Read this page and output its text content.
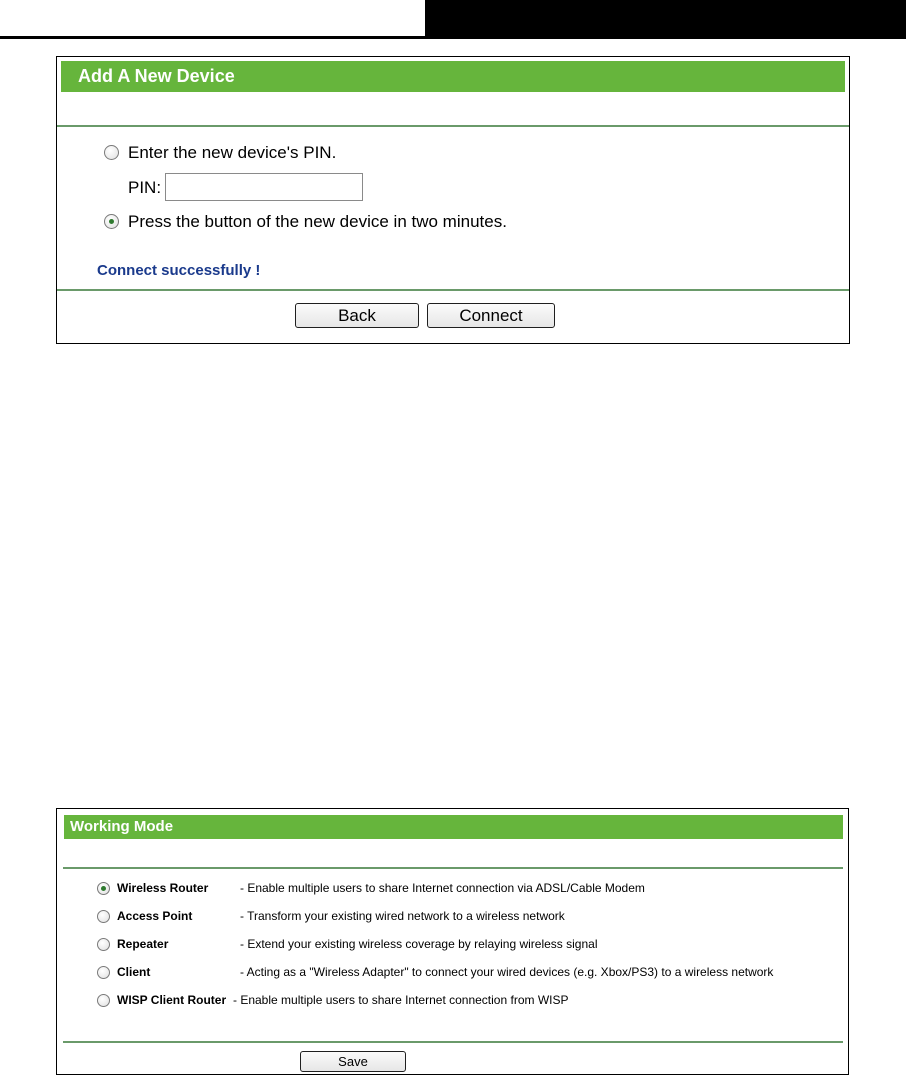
Add A New Device
Enter the new device's PIN.
PIN:
Press the button of the new device in two minutes.
Connect successfully !
Back	Connect
Working Mode
Wireless Router	- Enable multiple users to share Internet connection via ADSL/Cable Modem
Access Point	- Transform your existing wired network to a wireless network
Repeater	- Extend your existing wireless coverage by relaying wireless signal
Client	- Acting as a "Wireless Adapter" to connect your wired devices (e.g. Xbox/PS3) to a wireless network
WISP Client Router - Enable multiple users to share Internet connection from WISP
Save
